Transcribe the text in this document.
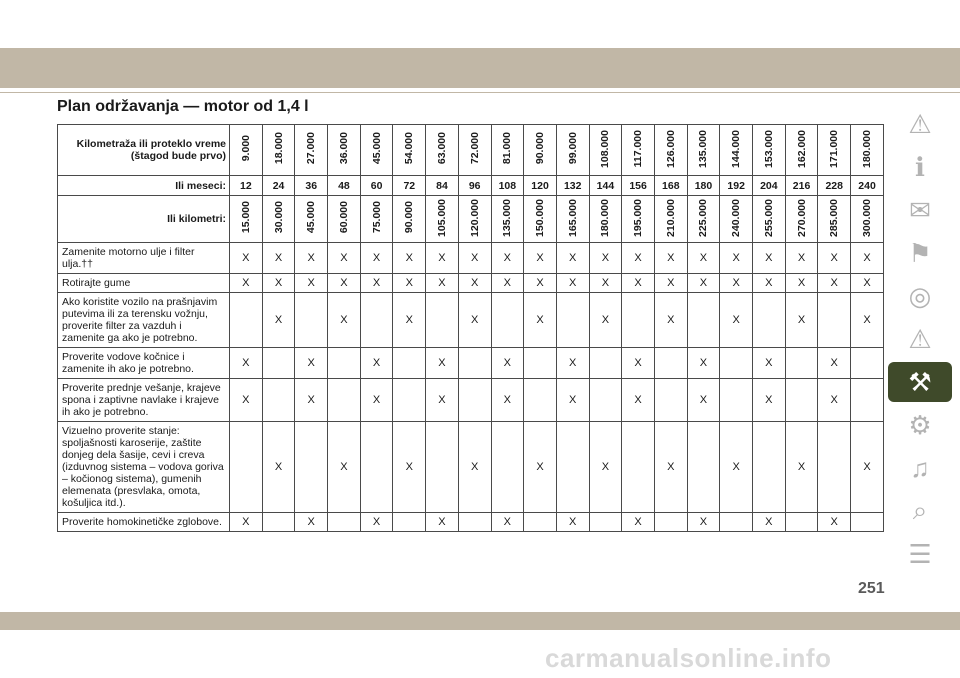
Plan održavanja — motor od 1,4 l
Kilometraža ili proteklo vreme (štagod bude prvo)	9.000	18.000	27.000	36.000	45.000	54.000	63.000	72.000	81.000	90.000	99.000	108.000	117.000	126.000	135.000	144.000	153.000	162.000	171.000	180.000
Ili meseci:	12	24	36	48	60	72	84	96	108	120	132	144	156	168	180	192	204	216	228	240
Ili kilometri:	15.000	30.000	45.000	60.000	75.000	90.000	105.000	120.000	135.000	150.000	165.000	180.000	195.000	210.000	225.000	240.000	255.000	270.000	285.000	300.000
Zamenite motorno ulje i filter ulja.††	X	X	X	X	X	X	X	X	X	X	X	X	X	X	X	X	X	X	X	X
Rotirajte gume	X	X	X	X	X	X	X	X	X	X	X	X	X	X	X	X	X	X	X	X
Ako koristite vozilo na prašnjavim putevima ili za terensku vožnju, proverite filter za vazduh i zamenite ga ako je potrebno.		X		X		X		X		X		X		X		X		X		X
Proverite vodove kočnice i zamenite ih ako je potrebno.	X		X		X		X		X		X		X		X		X		X	
Proverite prednje vešanje, krajeve spona i zaptivne navlake i krajeve ih ako je potrebno.	X		X		X		X		X		X		X		X		X		X	
Vizuelno proverite stanje: spoljašnosti karoserije, zaštite donjeg dela šasije, cevi i creva (izduvnog sistema – vodova goriva – kočionog sistema), gumenih elemenata (presvlaka, omota, košuljica itd.).		X		X		X		X		X		X		X		X		X		X
Proverite homokinetičke zglobove.	X		X		X		X		X		X		X		X		X		X	
⚠
ℹ
✉
⚑
◎
⚠
⚒
⚙
♫
⌕
☰
251
carmanualsonline.info
